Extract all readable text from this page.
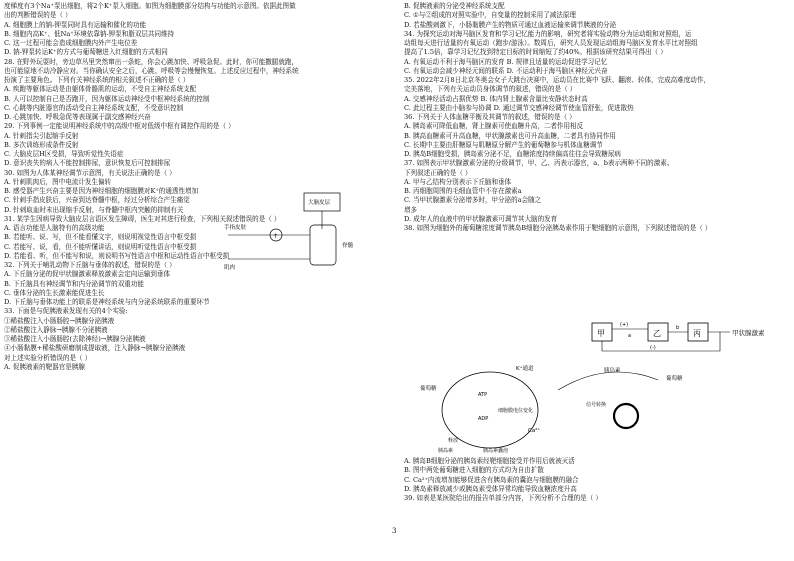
度梯度有3个Na⁺泵出细胞，将2个K⁺泵入细胞。如图为细胞膜部分结构与功能的示意图。依据此图做

出的判断错误的是（ ）

A. 细胞膜上的钠-钾泵同时具有运输和催化的功能

B. 细胞内高K⁺、低Na⁺环境依靠钠-钾泵和脂双层共同维持

C. 这一过程可能会造成细胞膜内外产生电位差

D. 钠-钾泵转运K⁺的方式与葡萄糖进入红细胞的方式相同

28. 在野外玩耍时，旁边草丛里突然窜出一条蛇，你会心跳加快、呼吸急促。此时，你可能撒腿就跑，

也可能原地不动冷静应对。当你确认安全之后，心跳、呼吸等会慢慢恢复。上述反应过程中，神经系统

扮演了主要角色。下列有关神经系统的相关叙述不正确的是（ ）

A. 疾跑等躯体运动是由躯体骨骼肌的运动，不受自主神经系统支配

B. 人可以控制自己是否跑开，因为躯体运动神经受中枢神经系统的控制

C. 心跳等内脏器官的活动受自主神经系统支配，不受意识控制

D. 心跳加快、呼吸急促等表现属于副交感神经兴奋

29. 下列事例一定能说明神经系统中的高级中枢对低级中枢有调控作用的是（ ）

A. 针刺指尖引起缩手反射

B. 多次训练形成条件反射

C. 大脑皮层H区受损，导致听觉性失语症

D. 意识丧失的病人不能控制排尿，意识恢复后可控制排尿

30. 如图为人体某神经调节示意图，有关说法正确的是（ ）

A. 针刺肌肉后，图中电流计发生偏转

B. 感受器产生兴奋主要是因为神经细胞的细胞膜对K⁺的通透性增加

C. 针刺手指皮肤后，兴奋到达脊髓中枢，经过分析综合产生痛觉

D. 针刺取血时未出现缩手反射，与脊髓中枢内突触的抑制有关

31. 某学生因病导致大脑皮层言语区发生障碍，医生对其进行检查，下列相关叙述错误的是（ ）

A. 语言功能是人脑特有的高级功能

B. 若能听、说、写，但不能看懂文字，则说明视觉性语言中枢受损

C. 若能写、说，看，但不能听懂讲话，则说明听觉性语言中枢受损

D. 若能看、听，但不能写和说，则说明书写性语言中枢和运动性语言中枢受损

32. 下列关于哺乳动物下丘脑与垂体的叙述，错误的是（ ）

A. 下丘脑分泌的促甲状腺激素释放激素会定向运输到垂体

B. 下丘脑具有神经调节和内分泌调节的双重功能

C. 垂体分泌的生长激素能促进生长

D. 下丘脑与垂体功能上的联系是神经系统与内分泌系统联系的重要环节

33. 下面是与促胰液素发现有关的4个实验:

①稀盐酸注入小肠肠腔→胰腺分泌胰液

②稀盐酸注入静脉→胰腺不分泌胰液

③稀盐酸注入小肠肠腔(去除神经)→胰腺分泌胰液

④小肠黏膜+稀盐酸研磨制成提取液，注入静脉→胰腺分泌胰液

对上述实验分析错误的是（ ）

A. 促胰液素的靶器官是胰腺

B. 促胰液素的分泌受神经系统支配

C. ①与②组成的对照实验中，自变量的控制采用了减法原理

D. 若盐酸刺激下，小肠黏膜产生的物质可通过血液运输来调节胰液的分泌

34. 为探究运动对海马脑区发育和学习记忆能力的影响，研究者将实验动物分为运动组和对照组，运

动组每天进行适量的有氧运动（跑步/游泳）。数周后，研究人员发现运动组海马脑区发育水平比对照组

提高了1.5倍，靠学习记忆找到特定目标的时间缩短了约40%。根据该研究结果可得出（ ）

A. 有氧运动不利于海马脑区的发育 B. 规律且适量的运动促进学习记忆

C. 有氧运动会减少神经元间的联系 D. 不运动利于海马脑区神经元兴奋

35. 2022年2月8日北京冬奥会女子大跳台决赛中，运动员在比赛中飞跃、翻滚、转体，完成高难度动作，

完美落地，下列有关运动员身体调节的叙述，错误的是（ ）

A. 交感神经活动占据优势 B. 体内肾上腺素含量比安静状态时高

C. 此过程主要由小脑参与协调 D. 通过调节交感神经调节使血管舒张，促进散热

36. 下列关于人体血糖平衡及其调节的叙述，错误的是（ ）

A. 胰岛素可降低血糖，肾上腺素可使血糖升高，二者作用相反

B. 胰高血糖素可升高血糖，甲状腺激素也可升高血糖，二者具有协同作用

C. 长期中主要由肝糖原与肌糖原分解产生的葡萄糖参与机体血糖调节

D. 胰岛B细胞受损，胰岛素分泌不足，血糖浓度持续偏高往往会导致糖尿病

37. 如图表示甲状腺激素分泌的分级调节，甲、乙、丙表示器官，a、b表示两种不同的激素。

下列叙述正确的是（ ）

A. 甲与乙结构分别表示下丘脑和垂体

B. 丙细胞周围的毛细血管中不存在激素a

C. 当甲状腺激素分泌增多时，甲分泌的a会随之

增多

D. 成年人的血液中的甲状腺激素可调节其大脑的发育

38. 如图为细胞外的葡萄糖浓度调节胰岛B细胞分泌胰岛素作用于靶细胞的示意图，下列叙述错误的是（ ）

A. 胰岛B细胞分泌的胰岛素经靶细胞接受并作用后就被灭活

B. 图中两处葡萄糖进入细胞的方式均为自由扩散

C. Ca²⁺内流增加能够促进含有胰岛素的囊泡与细胞膜的融合

D. 胰岛素释放减少或胰岛素受体异常均能导致血糖浓度升高

39. 如表是某医院给出的报告单部分内容，下列分析不合理的是（ ）

大脑皮层
脊髓
↑
手指皮肤
肌肉
甲	乙	丙
(+)
a
b
甲状腺激素
(-)
K⁺通道
葡萄糖
ATP
ADP
细胞膜电位变化
Ca²⁺
释放
胰岛素	胰岛素囊泡
胰岛素
葡萄糖
信号转换
3
